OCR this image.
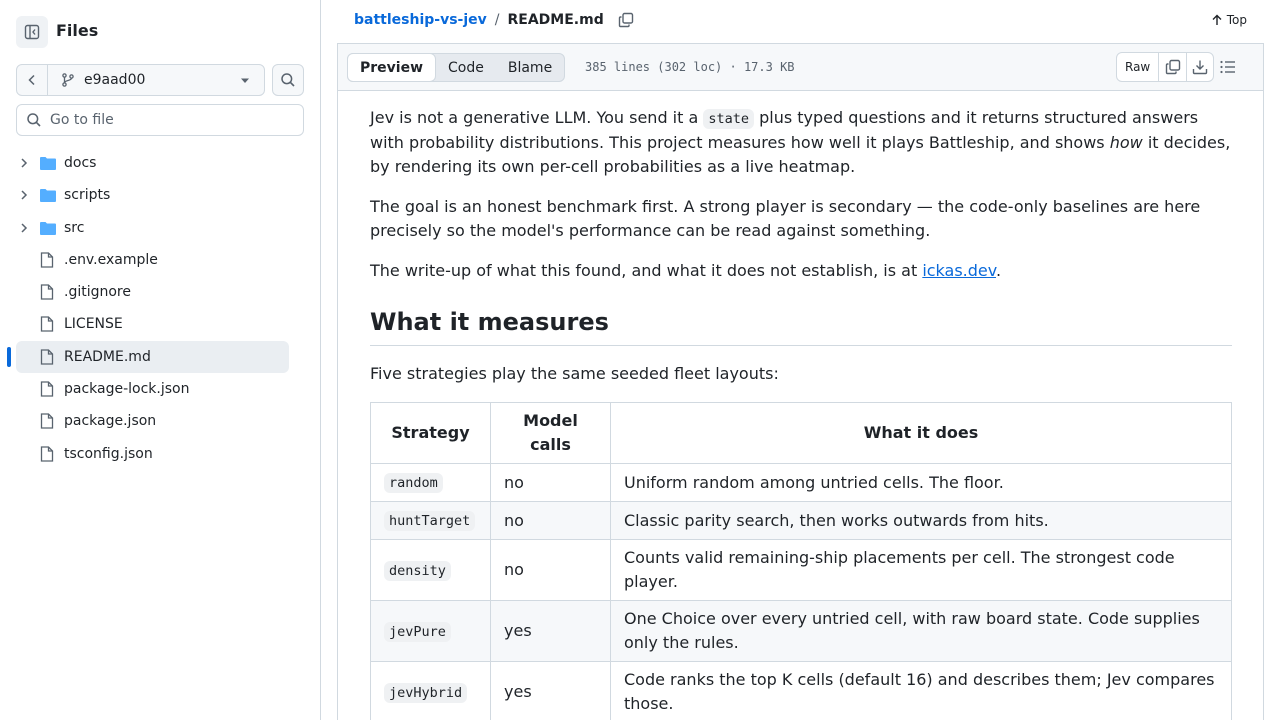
Files
e9aad00
Go to file
docs
scripts
src
.env.example
.gitignore
LICENSE
README.md
package-lock.json
package.json
tsconfig.json
battleship-vs-jev / README.md	Top
Preview	Code	Blame	385 lines (302 loc) · 17.3 KB	Raw

Jev is not a generative LLM. You send it a state plus typed questions and it returns structured answers with probability distributions. This project measures how well it plays Battleship, and shows how it decides, by rendering its own per-cell probabilities as a live heatmap.

The goal is an honest benchmark first. A strong player is secondary — the code-only baselines are here precisely so the model's performance can be read against something.

The write-up of what this found, and what it does not establish, is at ickas.dev.

What it measures

Five strategies play the same seeded fleet layouts:

Strategy	Model calls	What it does
random	no	Uniform random among untried cells. The floor.
huntTarget	no	Classic parity search, then works outwards from hits.
density	no	Counts valid remaining-ship placements per cell. The strongest code player.
jevPure	yes	One Choice over every untried cell, with raw board state. Code supplies only the rules.
jevHybrid	yes	Code ranks the top K cells (default 16) and describes them; Jev compares those.
